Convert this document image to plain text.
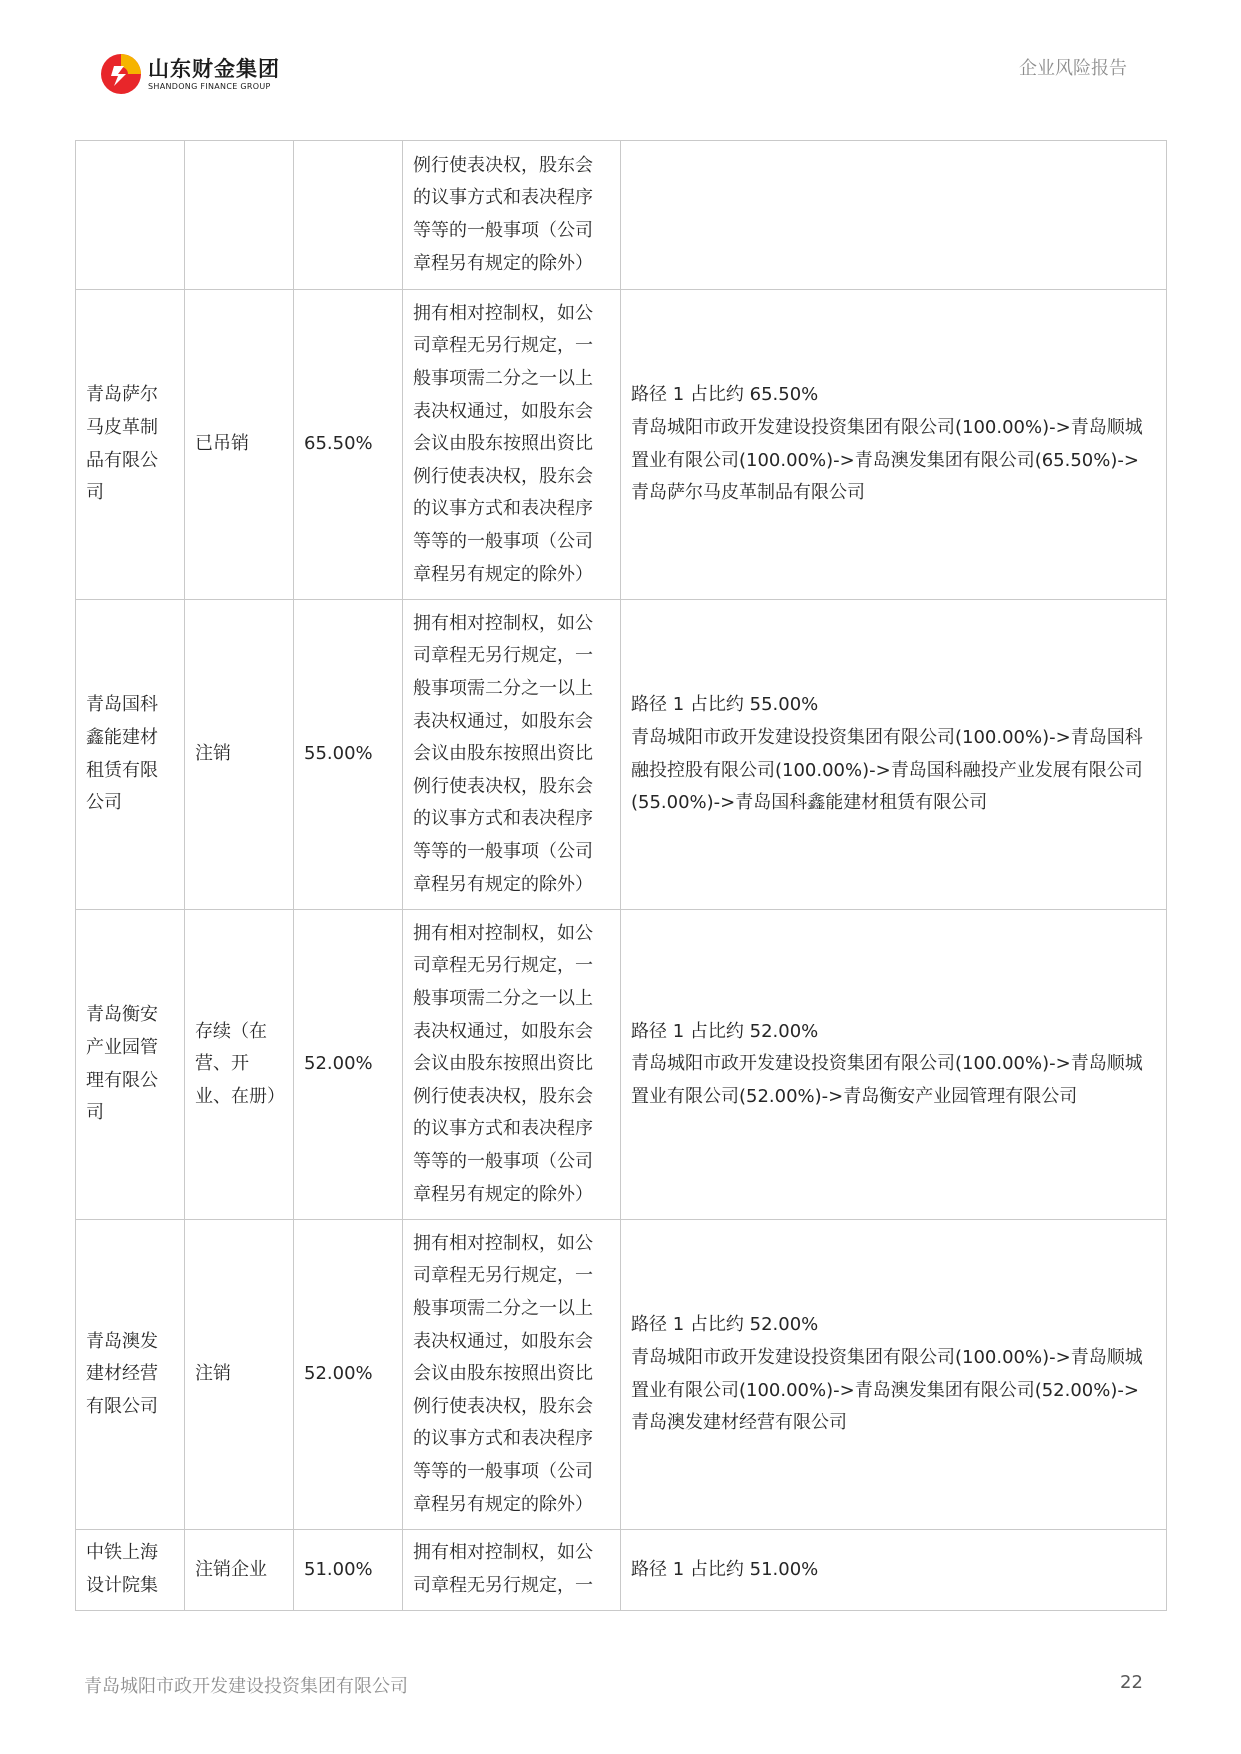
山东财金集团
SHANDONG FINANCE GROUP
企业风险报告
			例行使表决权，股东会的议事方式和表决程序等等的一般事项（公司章程另有规定的除外）	
青岛萨尔马皮革制品有限公司	已吊销	65.50%	拥有相对控制权，如公司章程无另行规定，一般事项需二分之一以上表决权通过，如股东会会议由股东按照出资比例行使表决权，股东会的议事方式和表决程序等等的一般事项（公司章程另有规定的除外）	路径 1 占比约 65.50%
青岛城阳市政开发建设投资集团有限公司(100.00%)->青岛顺城置业有限公司(100.00%)->青岛澳发集团有限公司(65.50%)->青岛萨尔马皮革制品有限公司

青岛国科鑫能建材租赁有限公司	注销	55.00%	拥有相对控制权，如公司章程无另行规定，一般事项需二分之一以上表决权通过，如股东会会议由股东按照出资比例行使表决权，股东会的议事方式和表决程序等等的一般事项（公司章程另有规定的除外）	路径 1 占比约 55.00%
青岛城阳市政开发建设投资集团有限公司(100.00%)->青岛国科融投控股有限公司(100.00%)->青岛国科融投产业发展有限公司(55.00%)->青岛国科鑫能建材租赁有限公司

青岛衡安产业园管理有限公司	存续（在营、开业、在册）	52.00%	拥有相对控制权，如公司章程无另行规定，一般事项需二分之一以上表决权通过，如股东会会议由股东按照出资比例行使表决权，股东会的议事方式和表决程序等等的一般事项（公司章程另有规定的除外）	路径 1 占比约 52.00%
青岛城阳市政开发建设投资集团有限公司(100.00%)->青岛顺城置业有限公司(52.00%)->青岛衡安产业园管理有限公司

青岛澳发建材经营有限公司	注销	52.00%	拥有相对控制权，如公司章程无另行规定，一般事项需二分之一以上表决权通过，如股东会会议由股东按照出资比例行使表决权，股东会的议事方式和表决程序等等的一般事项（公司章程另有规定的除外）	路径 1 占比约 52.00%
青岛城阳市政开发建设投资集团有限公司(100.00%)->青岛顺城置业有限公司(100.00%)->青岛澳发集团有限公司(52.00%)->青岛澳发建材经营有限公司

中铁上海设计院集	注销企业	51.00%	拥有相对控制权，如公司章程无另行规定，一	路径 1 占比约 51.00%
青岛城阳市政开发建设投资集团有限公司	22
